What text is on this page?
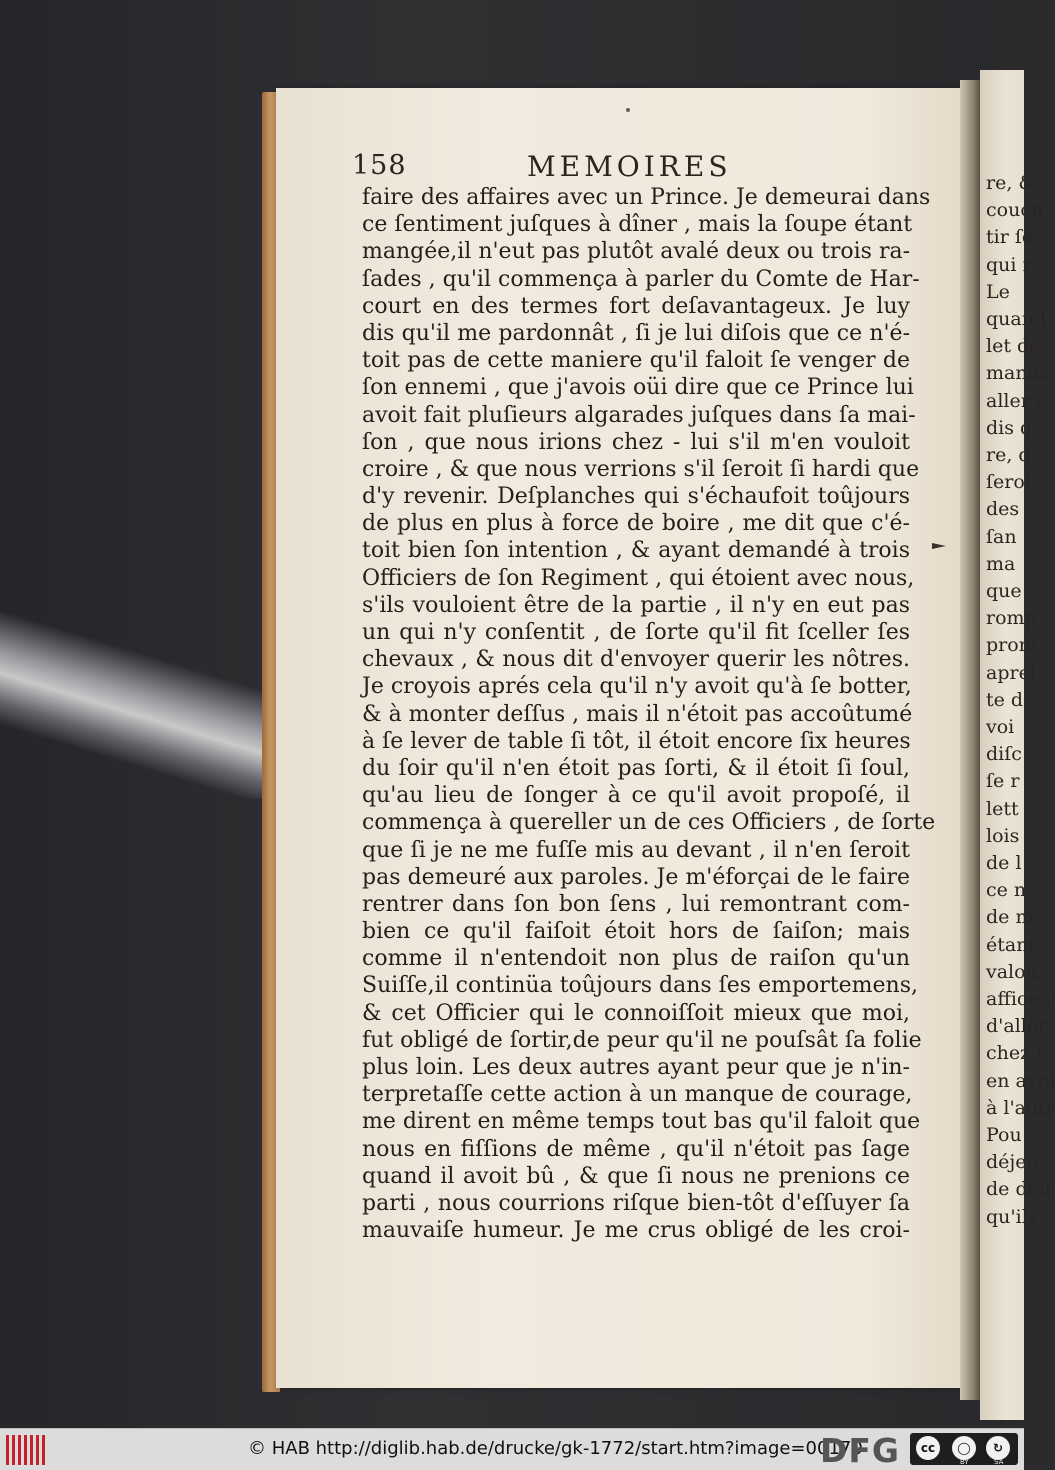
re, &
couch
tir ſe
qui r
Le
quand
let de
mands
aller c
dis q
re, q
ſeroi
des
ſan
ma
que
romp
prom
aprel
te d
voi
diſc
ſe r
lett
lois
de l
ce n
de m
étant
valoit
affions
d'aller
chez-l
en avoi
à l'autr
Pou
déjeû
de deu
qu'ils
158	MEMOIRES
faire des affaires avec un Prince. Je demeurai dans
ce ſentiment juſques à dîner , mais la ſoupe étant
mangée,il n'eut pas plutôt avalé deux ou trois ra-
ſades , qu'il commença à parler du Comte de Har-
court en des termes fort deſavantageux. Je luy
dis qu'il me pardonnât , ſi je lui diſois que ce n'é-
toit pas de cette maniere qu'il faloit ſe venger de
ſon ennemi , que j'avois oüi dire que ce Prince lui
avoit fait pluſieurs algarades juſques dans ſa mai-
ſon , que nous irions chez - lui s'il m'en vouloit
croire , & que nous verrions s'il ſeroit ſi hardi que
d'y revenir. Deſplanches qui s'échaufoit toûjours
de plus en plus à force de boire , me dit que c'é-
toit bien ſon intention , & ayant demandé à trois
Officiers de ſon Regiment , qui étoient avec nous,
s'ils vouloient être de la partie , il n'y en eut pas
un qui n'y conſentit , de ſorte qu'il fit ſceller ſes
chevaux , & nous dit d'envoyer querir les nôtres.
Je croyois aprés cela qu'il n'y avoit qu'à ſe botter,
& à monter deſſus , mais il n'étoit pas accoûtumé
à ſe lever de table ſi tôt, il étoit encore ſix heures
du ſoir qu'il n'en étoit pas ſorti, & il étoit ſi ſoul,
qu'au lieu de ſonger à ce qu'il avoit propoſé, il
commença à quereller un de ces Officiers , de ſorte
que ſi je ne me fuſſe mis au devant , il n'en ſeroit
pas demeuré aux paroles. Je m'éforçai de le faire
rentrer dans ſon bon ſens , lui remontrant com-
bien ce qu'il faiſoit étoit hors de ſaiſon; mais
comme il n'entendoit non plus de raiſon qu'un
Suiſſe,il continüa toûjours dans ſes emportemens,
& cet Officier qui le connoiſſoit mieux que moi,
fut obligé de ſortir,de peur qu'il ne pouſsât ſa folie
plus loin. Les deux autres ayant peur que je n'in-
terpretaſſe cette action à un manque de courage,
me dirent en même temps tout bas qu'il faloit que
nous en fiſſions de même , qu'il n'étoit pas ſage
quand il avoit bû , & que ſi nous ne prenions ce
parti , nous courrions riſque bien-tôt d'eſſuyer ſa
mauvaiſe humeur. Je me crus obligé de les croi-
© HAB http://diglib.hab.de/drucke/gk-1772/start.htm?image=00170
DFG	cc	◯	↻
BY	SA
